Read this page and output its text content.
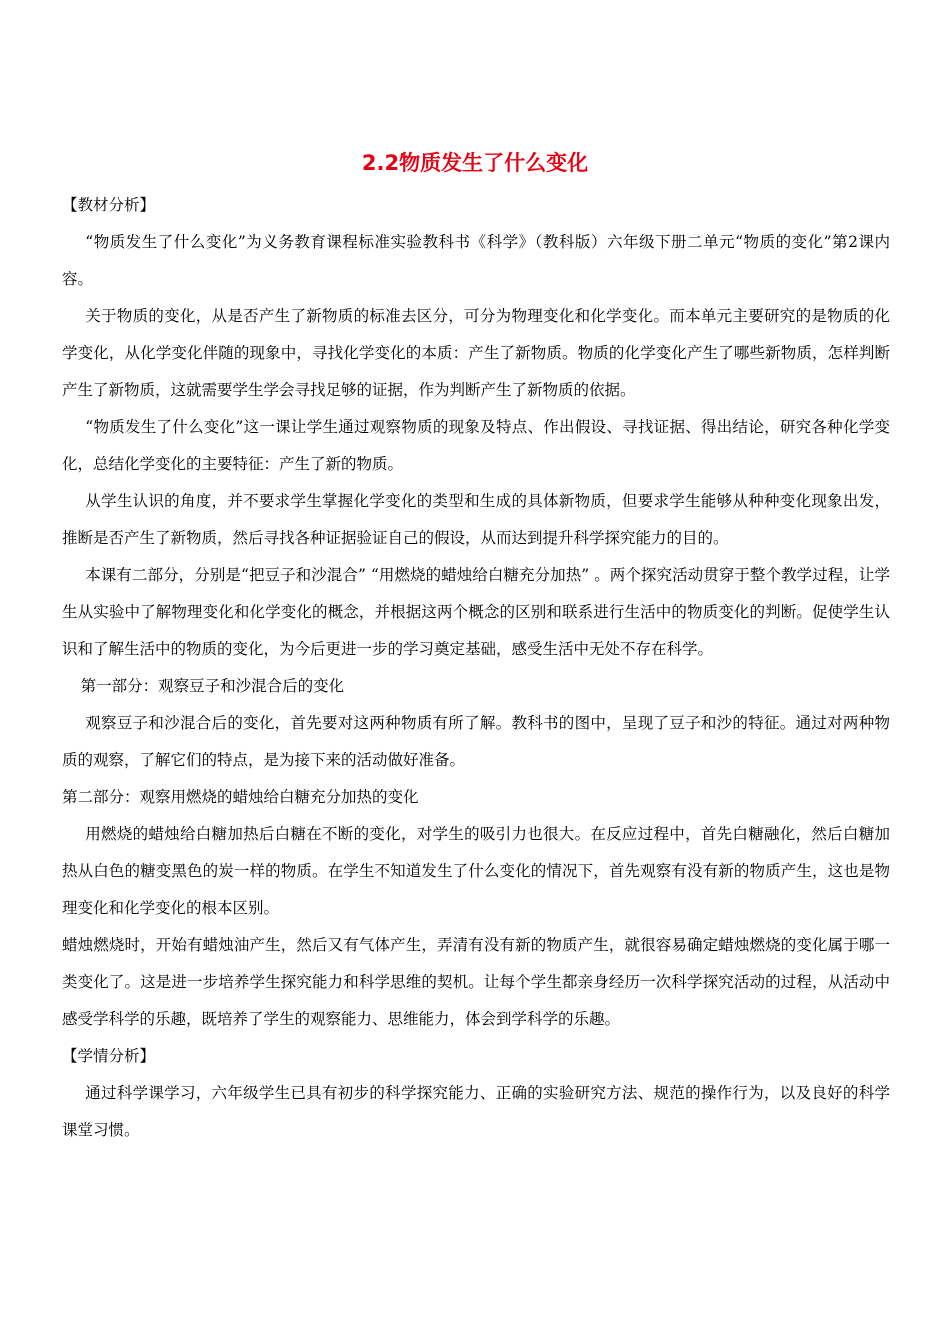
2.2物质发生了什么变化

【教材分析】

“物质发生了什么变化”为义务教育课程标准实验教科书《科学》（教科版）六年级下册二单元“物质的变化”第2课内容。

关于物质的变化，从是否产生了新物质的标准去区分，可分为物理变化和化学变化。而本单元主要研究的是物质的化学变化，从化学变化伴随的现象中，寻找化学变化的本质：产生了新物质。物质的化学变化产生了哪些新物质，怎样判断产生了新物质，这就需要学生学会寻找足够的证据，作为判断产生了新物质的依据。

“物质发生了什么变化”这一课让学生通过观察物质的现象及特点、作出假设、寻找证据、得出结论，研究各种化学变化，总结化学变化的主要特征：产生了新的物质。

从学生认识的角度，并不要求学生掌握化学变化的类型和生成的具体新物质，但要求学生能够从种种变化现象出发，推断是否产生了新物质，然后寻找各种证据验证自己的假设，从而达到提升科学探究能力的目的。

本课有二部分，分别是“把豆子和沙混合” “用燃烧的蜡烛给白糖充分加热” 。两个探究活动贯穿于整个教学过程，让学生从实验中了解物理变化和化学变化的概念，并根据这两个概念的区别和联系进行生活中的物质变化的判断。促使学生认识和了解生活中的物质的变化，为今后更进一步的学习奠定基础，感受生活中无处不存在科学。

第一部分：观察豆子和沙混合后的变化

观察豆子和沙混合后的变化，首先要对这两种物质有所了解。教科书的图中，呈现了豆子和沙的特征。通过对两种物质的观察，了解它们的特点，是为接下来的活动做好准备。

第二部分：观察用燃烧的蜡烛给白糖充分加热的变化

用燃烧的蜡烛给白糖加热后白糖在不断的变化，对学生的吸引力也很大。在反应过程中，首先白糖融化，然后白糖加热从白色的糖变黑色的炭一样的物质。在学生不知道发生了什么变化的情况下，首先观察有没有新的物质产生，这也是物理变化和化学变化的根本区别。

蜡烛燃烧时，开始有蜡烛油产生，然后又有气体产生，弄清有没有新的物质产生，就很容易确定蜡烛燃烧的变化属于哪一类变化了。这是进一步培养学生探究能力和科学思维的契机。让每个学生都亲身经历一次科学探究活动的过程，从活动中感受学科学的乐趣，既培养了学生的观察能力、思维能力，体会到学科学的乐趣。

【学情分析】

通过科学课学习，六年级学生已具有初步的科学探究能力、正确的实验研究方法、规范的操作行为，以及良好的科学课堂习惯。
